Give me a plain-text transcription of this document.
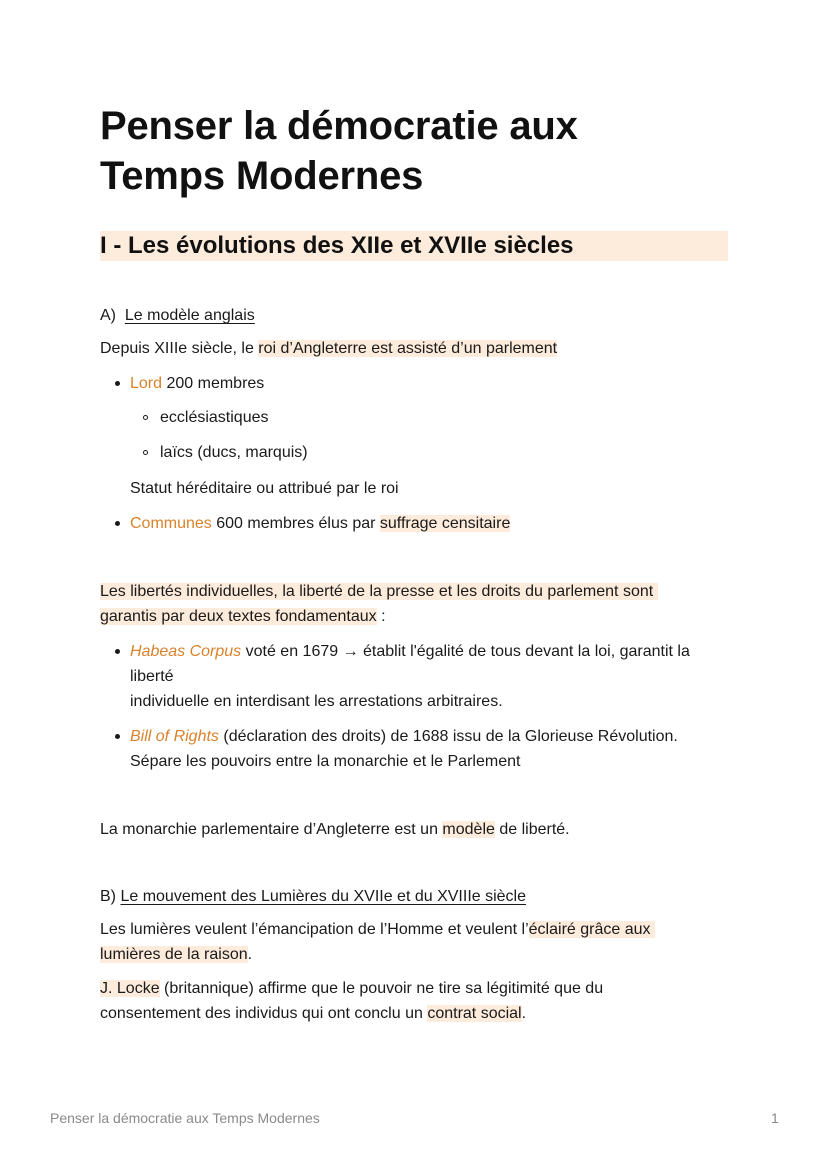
Penser la démocratie aux
Temps Modernes
I - Les évolutions des XIIe et XVIIe siècles

A) Le modèle anglais

Depuis XIIIe siècle, le roi d’Angleterre est assisté d’un parlement

Lord 200 membres

ecclésiastiques

laïcs (ducs, marquis)

Statut héréditaire ou attribué par le roi

Communes 600 membres élus par suffrage censitaire

Les libertés individuelles, la liberté de la presse et les droits du parlement sont

garantis par deux textes fondamentaux :

Habeas Corpus voté en 1679 → établit l'égalité de tous devant la loi, garantit la

liberté

individuelle en interdisant les arrestations arbitraires.

Bill of Rights (déclaration des droits) de 1688 issu de la Glorieuse Révolution.

Sépare les pouvoirs entre la monarchie et le Parlement

La monarchie parlementaire d’Angleterre est un modèle de liberté.

B) Le mouvement des Lumières du XVIIe et du XVIIIe siècle

Les lumières veulent l’émancipation de l’Homme et veulent l’éclairé grâce aux

lumières de la raison.

J. Locke (britannique) affirme que le pouvoir ne tire sa légitimité que du

consentement des individus qui ont conclu un contrat social.

Penser la démocratie aux Temps Modernes	1
